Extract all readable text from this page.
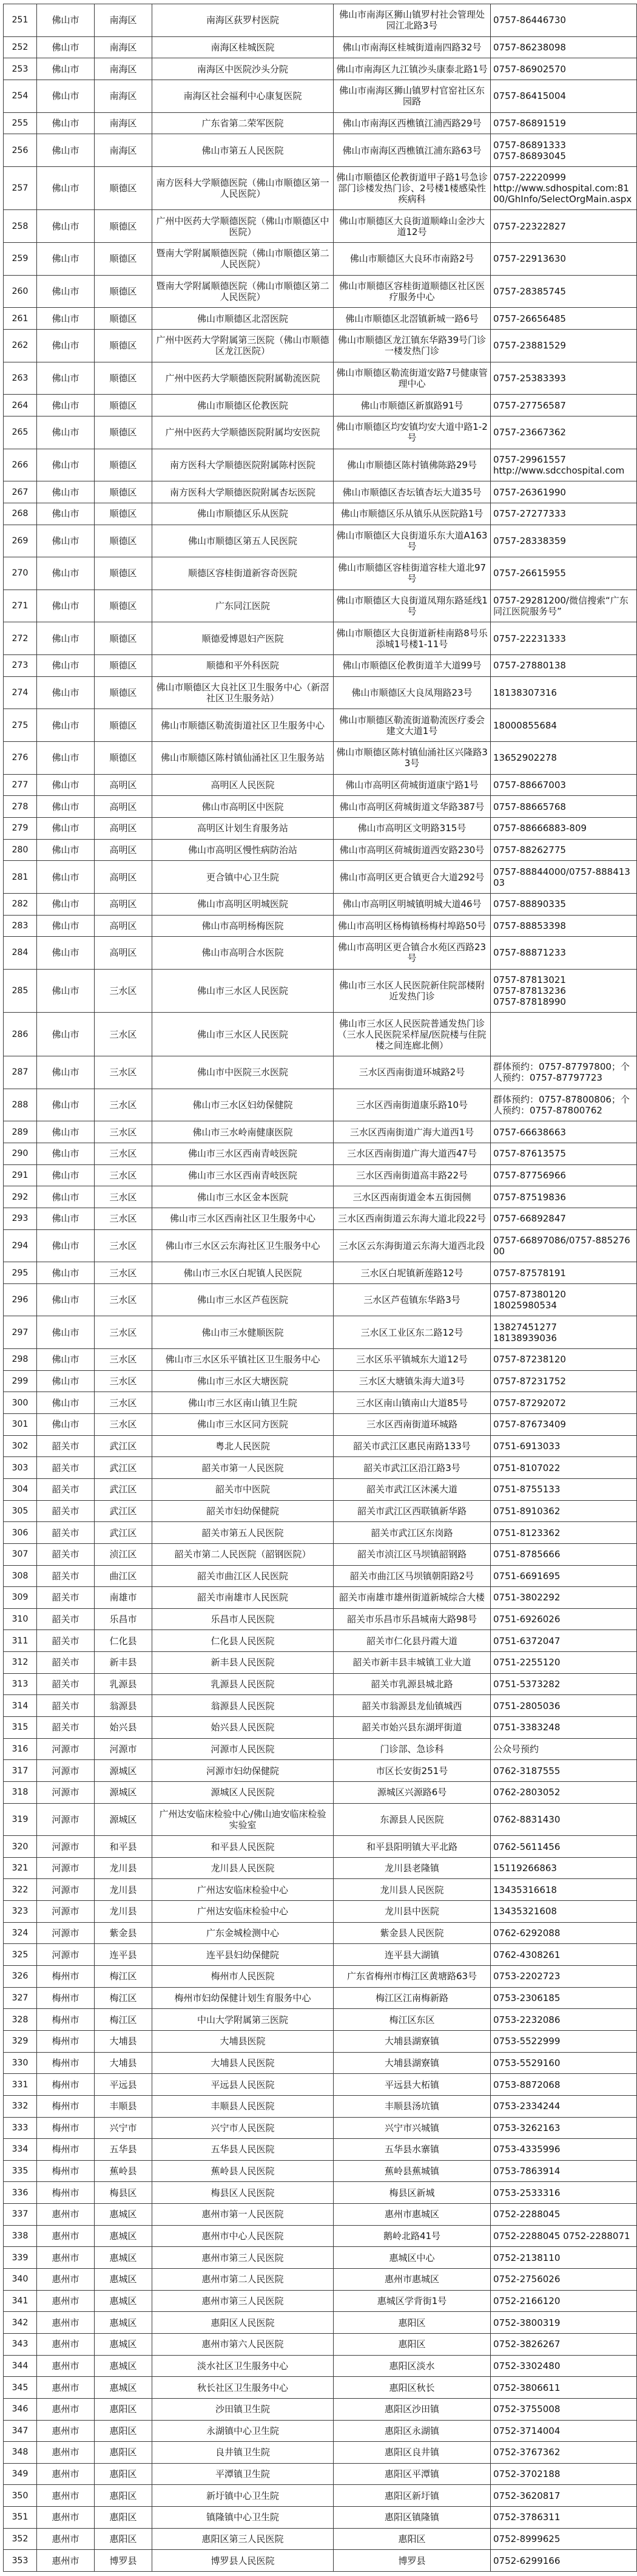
251	佛山市	南海区	南海区荻罗村医院	佛山市南海区狮山镇罗村社会管理处园江北路3号	0757-86446730
252	佛山市	南海区	南海区桂城医院	佛山市南海区桂城街道南四路32号	0757-86238098
253	佛山市	南海区	南海区中医院沙头分院	佛山市南海区九江镇沙头康泰北路1号	0757-86902570
254	佛山市	南海区	南海区社会福利中心康复医院	佛山市南海区狮山镇罗村官窑社区东园路	0757-86415004
255	佛山市	南海区	广东省第二荣军医院	佛山市南海区西樵镇江浦西路29号	0757-86891519
256	佛山市	南海区	佛山市第五人民医院	佛山市南海区西樵镇江浦东路63号	0757-86891333
0757-86893045
257	佛山市	顺德区	南方医科大学顺德医院（佛山市顺德区第一人民医院）	佛山市顺德区伦教街道甲子路1号急诊部门诊楼发热门诊、2号楼1楼感染性疾病科	0757-22220999
http://www.sdhospital.com:8100/GhInfo/SelectOrgMain.aspx
258	佛山市	顺德区	广州中医药大学顺德医院（佛山市顺德区中医院）	佛山市顺德区大良街道顺峰山金沙大道12号	0757-22322827
259	佛山市	顺德区	暨南大学附属顺德医院（佛山市顺德区第二人民医院）	佛山市顺德区大良环市南路2号	0757-22913630
260	佛山市	顺德区	暨南大学附属顺德医院（佛山市顺德区第二人民医院）	佛山市顺德区容桂街道顺德区社区医疗服务中心	0757-28385745
261	佛山市	顺德区	佛山市顺德区北滘医院	佛山市顺德区北滘镇新城一路6号	0757-26656485
262	佛山市	顺德区	广州中医药大学附属第三医院（佛山市顺德区龙江医院）	佛山市顺德区龙江镇东华路39号门诊一楼发热门诊	0757-23881529
263	佛山市	顺德区	广州中医药大学顺德医院附属勒流医院	佛山市顺德区勒流街道安路7号健康管理中心	0757-25383393
264	佛山市	顺德区	佛山市顺德区伦教医院	佛山市顺德区新旗路91号	0757-27756587
265	佛山市	顺德区	广州中医药大学顺德医院附属均安医院	佛山市顺德区均安镇均安大道中路1-2号	0757-23667362
266	佛山市	顺德区	南方医科大学顺德医院附属陈村医院	佛山市顺德区陈村镇佛陈路29号	0757-29961557
http://www.sdcchospital.com
267	佛山市	顺德区	南方医科大学顺德医院附属杏坛医院	佛山市顺德区杏坛镇杏坛大道35号	0757-26361990
268	佛山市	顺德区	佛山市顺德区乐从医院	佛山市顺德区乐从镇乐从医院路1号	0757-27277333
269	佛山市	顺德区	佛山市顺德区第五人民医院	佛山市顺德区大良街道乐东大道A163号	0757-28338359
270	佛山市	顺德区	顺德区容桂街道新容奇医院	佛山市顺德区容桂街道容桂大道北97号	0757-26615955
271	佛山市	顺德区	广东同江医院	佛山市顺德区大良街道凤翔东路延线1号	0757-29281200/微信搜索“广东同江医院服务号”
272	佛山市	顺德区	顺德爱博恩妇产医院	佛山市顺德区大良街道新桂南路8号乐添城1号楼1-11号	0757-22231333
273	佛山市	顺德区	顺德和平外科医院	佛山市顺德区伦教街道羊大道99号	0757-27880138
274	佛山市	顺德区	佛山市顺德区大良社区卫生服务中心（新滘社区卫生服务站）	佛山市顺德区大良凤翔路23号	18138307316
275	佛山市	顺德区	佛山市顺德区勒流街道社区卫生服务中心	佛山市顺德区勒流街道勒流医疗委会建文大道1号	18000855684
276	佛山市	顺德区	佛山市顺德区陈村镇仙涌社区卫生服务站	佛山市顺德区陈村镇仙涌社区兴隆路33号	13652902278
277	佛山市	高明区	高明区人民医院	佛山市高明区荷城街道康宁路1号	0757-88667003
278	佛山市	高明区	佛山市高明区中医院	佛山市高明区荷城街道文华路387号	0757-88665768
279	佛山市	高明区	高明区计划生育服务站	佛山市高明区文明路315号	0757-88666883-809
280	佛山市	高明区	佛山市高明区慢性病防治站	佛山市高明区荷城街道西安路230号	0757-88262775
281	佛山市	高明区	更合镇中心卫生院	佛山市高明区更合镇更合大道292号	0757-88844000/0757-88841303
282	佛山市	高明区	佛山市高明区明城医院	佛山市高明区明城镇明城大道46号	0757-88890335
283	佛山市	高明区	佛山市高明杨梅医院	佛山市高明区杨梅镇杨梅村埠路50号	0757-88853398
284	佛山市	高明区	佛山市高明合水医院	佛山市高明区更合镇合水苑区西路23号	0757-88871233
285	佛山市	三水区	佛山市三水区人民医院	佛山市三水区人民医院新住院部楼附近发热门诊	0757-87813021
0757-87813236
0757-87818990
286	佛山市	三水区	佛山市三水区人民医院	佛山市三水区人民医院普通发热门诊（三水人民医院采样屋/医院楼与住院楼之间连廊北侧）	
287	佛山市	三水区	佛山市中医院三水医院	三水区西南街道环城路2号	群体预约：0757-87797800；个人预约：0757-87797723
288	佛山市	三水区	佛山市三水区妇幼保健院	三水区西南街道康乐路10号	群体预约：0757-87800806；个人预约：0757-87800762
289	佛山市	三水区	佛山市三水岭南健康医院	三水区西南街道广海大道西1号	0757-66638663
290	佛山市	三水区	佛山市三水区西南青岐医院	三水区西南街道广海大道西47号	0757-87613575
291	佛山市	三水区	佛山市三水区西南青岐医院	三水区西南街道高丰路22号	0757-87756966
292	佛山市	三水区	佛山市三水区金本医院	三水区西南街道金本五街园侧	0757-87519836
293	佛山市	三水区	佛山市三水区西南社区卫生服务中心	三水区西南街道云东海大道北段22号	0757-66892847
294	佛山市	三水区	佛山市三水区云东海社区卫生服务中心	三水区云东海街道云东海大道西北段	0757-66897086/0757-88527600
295	佛山市	三水区	佛山市三水区白坭镇人民医院	三水区白坭镇新莲路12号	0757-87578191
296	佛山市	三水区	佛山市三水区芦苞医院	三水区芦苞镇东华路3号	0757-87380120
18025980534
297	佛山市	三水区	佛山市三水健顺医院	三水区工业区东二路12号	13827451277
18138939036
298	佛山市	三水区	佛山市三水区乐平镇社区卫生服务中心	三水区乐平镇城东大道12号	0757-87238120
299	佛山市	三水区	佛山市三水区大塘医院	三水区大塘镇朱海大道3号	0757-87231752
300	佛山市	三水区	佛山市三水区南山镇卫生院	三水区南山镇南山大道85号	0757-87292072
301	佛山市	三水区	佛山市三水区同方医院	三水区西南街道环城路	0757-87673409
302	韶关市	武江区	粤北人民医院	韶关市武江区惠民南路133号	0751-6913033
303	韶关市	武江区	韶关市第一人民医院	韶关市武江区沿江路3号	0751-8107022
304	韶关市	武江区	韶关市中医院	韶关市武江区沐溪大道	0751-8755133
305	韶关市	武江区	韶关市妇幼保健院	韶关市武江区西联镇新华路	0751-8910362
306	韶关市	武江区	韶关市第五人民医院	韶关市武江区东岗路	0751-8123362
307	韶关市	浈江区	韶关市第二人民医院（韶钢医院）	韶关市浈江区马坝镇韶钢路	0751-8785666
308	韶关市	曲江区	韶关市曲江区人民医院	韶关市曲江区马坝镇朝阳路2号	0751-6691695
309	韶关市	南雄市	韶关市南雄市人民医院	韶关市南雄市雄州街道新城综合大楼	0751-3802292
310	韶关市	乐昌市	乐昌市人民医院	韶关市乐昌市乐昌城南大路98号	0751-6926026
311	韶关市	仁化县	仁化县人民医院	韶关市仁化县丹霞大道	0751-6372047
312	韶关市	新丰县	新丰县人民医院	韶关市新丰县丰城镇工业大道	0751-2255120
313	韶关市	乳源县	乳源县人民医院	韶关市乳源县城北路	0751-5373282
314	韶关市	翁源县	翁源县人民医院	韶关市翁源县龙仙镇城西	0751-2805036
315	韶关市	始兴县	始兴县人民医院	韶关市始兴县东湖坪街道	0751-3383248
316	河源市	河源市	河源市人民医院	门诊部、急诊科	公众号预约
317	河源市	源城区	河源市妇幼保健院	市区长安街251号	0762-3187555
318	河源市	源城区	源城区人民医院	源城区兴源路6号	0762-2803052
319	河源市	源城区	广州达安临床检验中心/佛山迪安临床检验实验室	东源县人民医院	0762-8831430
320	河源市	和平县	和平县人民医院	和平县阳明镇大平北路	0762-5611456
321	河源市	龙川县	龙川县人民医院	龙川县老隆镇	15119266863
322	河源市	龙川县	广州达安临床检验中心	龙川县人民医院	13435316618
323	河源市	龙川县	广州达安临床检验中心	龙川县中医院	13435321608
324	河源市	紫金县	广东金城检测中心	紫金县人民医院	0762-6292088
325	河源市	连平县	连平县妇幼保健院	连平县大湖镇	0762-4308261
326	梅州市	梅江区	梅州市人民医院	广东省梅州市梅江区黄塘路63号	0753-2202723
327	梅州市	梅江区	梅州市妇幼保健计划生育服务中心	梅江区江南梅新路	0753-2306185
328	梅州市	梅江区	中山大学附属第三医院	梅江区东区	0753-2232086
329	梅州市	大埔县	大埔县医院	大埔县湖寮镇	0753-5522999
330	梅州市	大埔县	大埔县人民医院	大埔县湖寮镇	0753-5529160
331	梅州市	平远县	平远县人民医院	平远县大柘镇	0753-8872068
332	梅州市	丰顺县	丰顺县人民医院	丰顺县汤坑镇	0753-2334244
333	梅州市	兴宁市	兴宁市人民医院	兴宁市兴城镇	0753-3262163
334	梅州市	五华县	五华县人民医院	五华县水寨镇	0753-4335996
335	梅州市	蕉岭县	蕉岭县人民医院	蕉岭县蕉城镇	0753-7863914
336	梅州市	梅县区	梅县区人民医院	梅县区新城	0753-2533316
337	惠州市	惠城区	惠州市第一人民医院	惠州市惠城区	0752-2288045
338	惠州市	惠城区	惠州市中心人民医院	鹅岭北路41号	0752-2288045 0752-2288071
339	惠州市	惠城区	惠州市第三人民医院	惠城区中心	0752-2138110
340	惠州市	惠城区	惠州市第二人民医院	惠州市惠城区	0752-2756026
341	惠州市	惠城区	惠州市第三人民医院	惠城区学背街1号	0752-2166120
342	惠州市	惠城区	惠阳区人民医院	惠阳区	0752-3800319
343	惠州市	惠城区	惠州市第六人民医院	惠阳区	0752-3826267
344	惠州市	惠城区	淡水社区卫生服务中心	惠阳区淡水	0752-3302480
345	惠州市	惠城区	秋长社区卫生服务中心	惠阳区秋长	0752-3806611
346	惠州市	惠阳区	沙田镇卫生院	惠阳区沙田镇	0752-3755008
347	惠州市	惠阳区	永湖镇中心卫生院	惠阳区永湖镇	0752-3714004
348	惠州市	惠阳区	良井镇卫生院	惠阳区良井镇	0752-3767362
349	惠州市	惠阳区	平潭镇卫生院	惠阳区平潭镇	0752-3702188
350	惠州市	惠阳区	新圩镇中心卫生院	惠阳区新圩镇	0752-3620817
351	惠州市	惠阳区	镇隆镇中心卫生院	惠阳区镇隆镇	0752-3786311
352	惠州市	惠阳区	惠阳区第三人民医院	惠阳区	0752-8999625
353	惠州市	博罗县	博罗县人民医院	博罗县	0752-6299166
